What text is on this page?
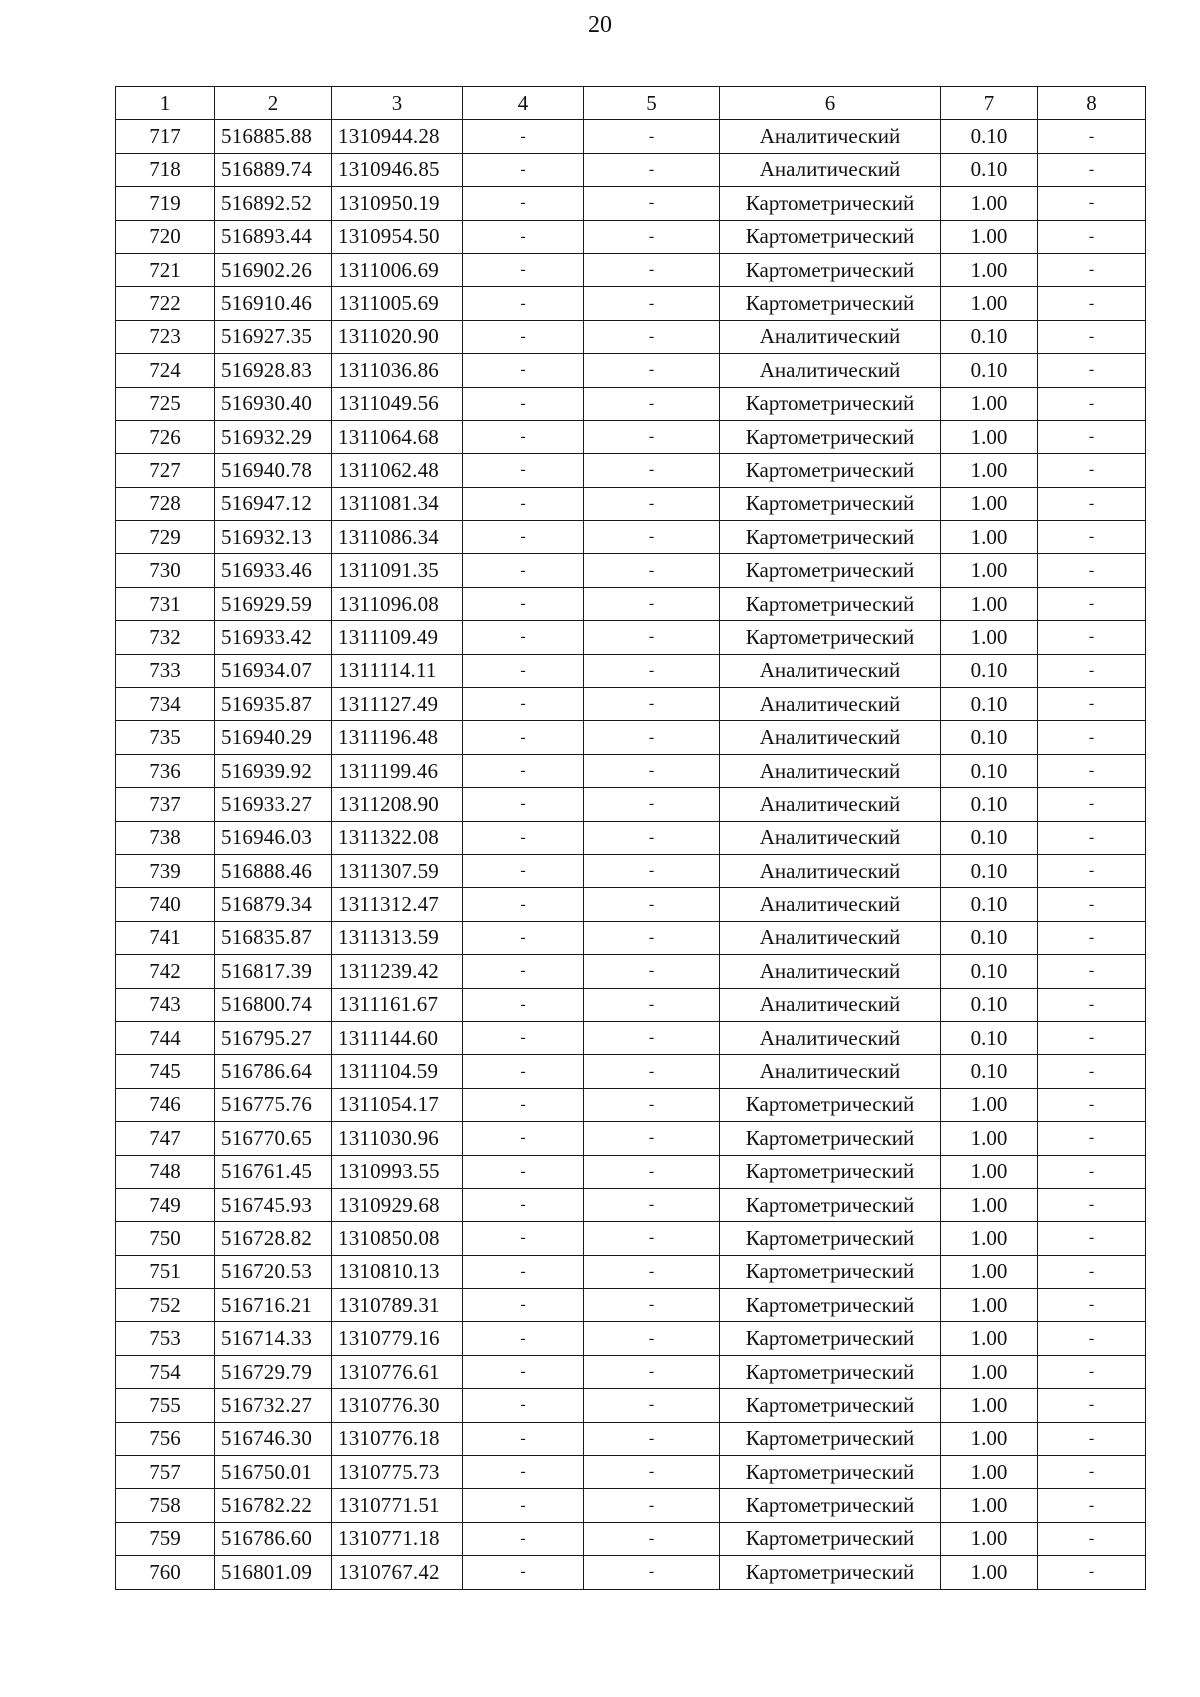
20
1	2	3	4	5	6	7	8
717	516885.88	1310944.28	-	-	Аналитический	0.10	-
718	516889.74	1310946.85	-	-	Аналитический	0.10	-
719	516892.52	1310950.19	-	-	Картометрический	1.00	-
720	516893.44	1310954.50	-	-	Картометрический	1.00	-
721	516902.26	1311006.69	-	-	Картометрический	1.00	-
722	516910.46	1311005.69	-	-	Картометрический	1.00	-
723	516927.35	1311020.90	-	-	Аналитический	0.10	-
724	516928.83	1311036.86	-	-	Аналитический	0.10	-
725	516930.40	1311049.56	-	-	Картометрический	1.00	-
726	516932.29	1311064.68	-	-	Картометрический	1.00	-
727	516940.78	1311062.48	-	-	Картометрический	1.00	-
728	516947.12	1311081.34	-	-	Картометрический	1.00	-
729	516932.13	1311086.34	-	-	Картометрический	1.00	-
730	516933.46	1311091.35	-	-	Картометрический	1.00	-
731	516929.59	1311096.08	-	-	Картометрический	1.00	-
732	516933.42	1311109.49	-	-	Картометрический	1.00	-
733	516934.07	1311114.11	-	-	Аналитический	0.10	-
734	516935.87	1311127.49	-	-	Аналитический	0.10	-
735	516940.29	1311196.48	-	-	Аналитический	0.10	-
736	516939.92	1311199.46	-	-	Аналитический	0.10	-
737	516933.27	1311208.90	-	-	Аналитический	0.10	-
738	516946.03	1311322.08	-	-	Аналитический	0.10	-
739	516888.46	1311307.59	-	-	Аналитический	0.10	-
740	516879.34	1311312.47	-	-	Аналитический	0.10	-
741	516835.87	1311313.59	-	-	Аналитический	0.10	-
742	516817.39	1311239.42	-	-	Аналитический	0.10	-
743	516800.74	1311161.67	-	-	Аналитический	0.10	-
744	516795.27	1311144.60	-	-	Аналитический	0.10	-
745	516786.64	1311104.59	-	-	Аналитический	0.10	-
746	516775.76	1311054.17	-	-	Картометрический	1.00	-
747	516770.65	1311030.96	-	-	Картометрический	1.00	-
748	516761.45	1310993.55	-	-	Картометрический	1.00	-
749	516745.93	1310929.68	-	-	Картометрический	1.00	-
750	516728.82	1310850.08	-	-	Картометрический	1.00	-
751	516720.53	1310810.13	-	-	Картометрический	1.00	-
752	516716.21	1310789.31	-	-	Картометрический	1.00	-
753	516714.33	1310779.16	-	-	Картометрический	1.00	-
754	516729.79	1310776.61	-	-	Картометрический	1.00	-
755	516732.27	1310776.30	-	-	Картометрический	1.00	-
756	516746.30	1310776.18	-	-	Картометрический	1.00	-
757	516750.01	1310775.73	-	-	Картометрический	1.00	-
758	516782.22	1310771.51	-	-	Картометрический	1.00	-
759	516786.60	1310771.18	-	-	Картометрический	1.00	-
760	516801.09	1310767.42	-	-	Картометрический	1.00	-
